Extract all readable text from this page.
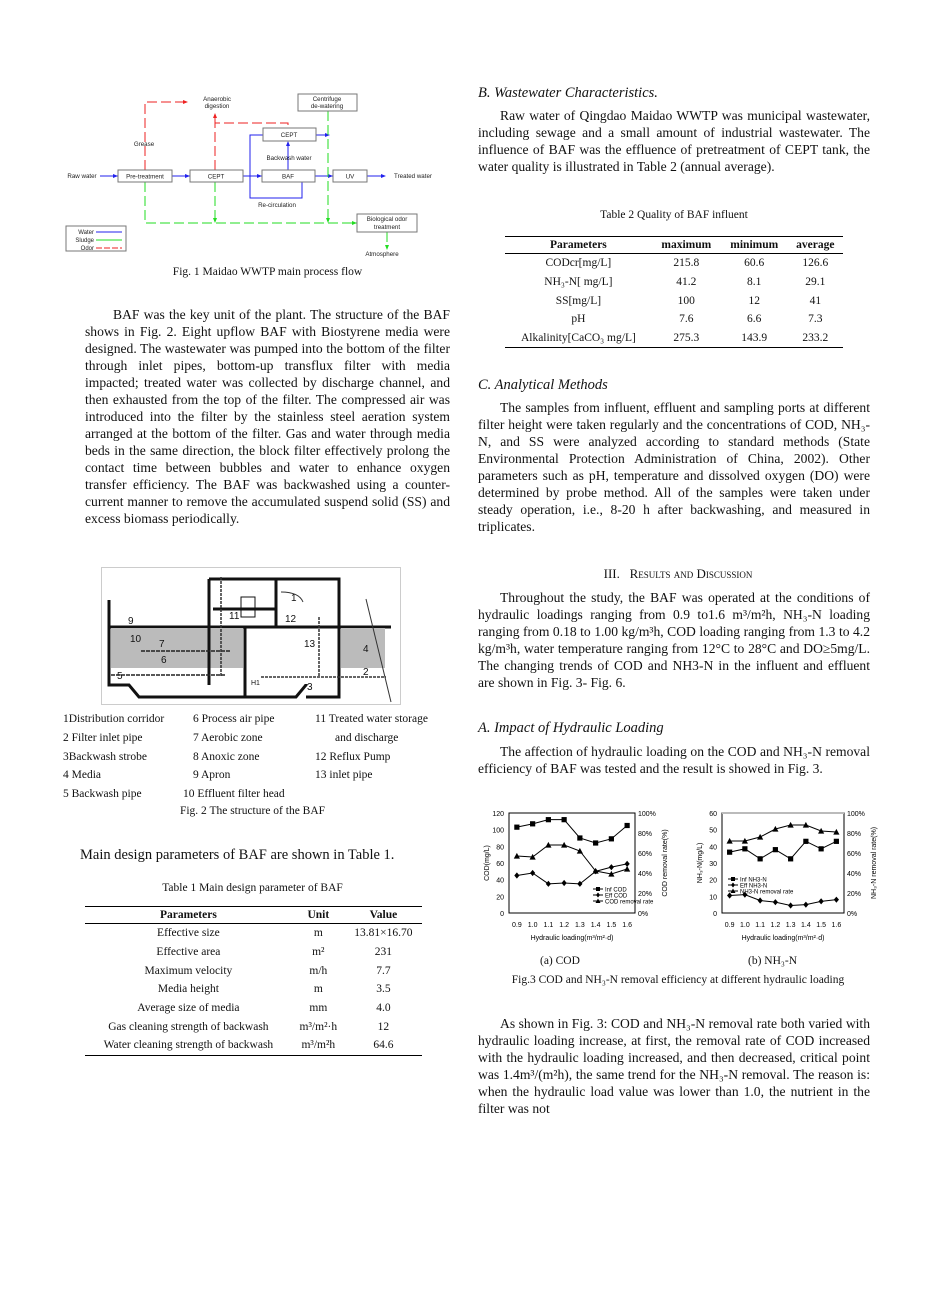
Raw water	Pre-treatment	CEPT	BAF	UV	Treated water
CEPT
Centrifuge
de-watering
Biological odor
treatment
Atmosphere
Anaerobic
digestion
Grease
Backwash water
Re-circulation
Water
Sludge
Odor
Fig. 1 Maidao WWTP main process flow

BAF was the key unit of the plant. The structure of the BAF shows in Fig. 2. Eight upflow BAF with Biostyrene media were designed. The wastewater was pumped into the bottom of the filter through inlet pipes, bottom-up transflux filter with media impacted; treated water was collected by discharge channel, and then exhausted from the top of the filter. The compressed air was introduced into the filter by the stainless steel aeration system arranged at the bottom of the filter. Gas and water through media beds in the same direction, the block filter effectively prolong the contact time between bubbles and water to enhance oxygen transfer efficiency. The BAF was backwashed using a counter-current manner to remove the accumulated suspend solid (SS) and excess biomass periodically.

1
2
3
4
5
6
7
9
10
11	12
13
H1
1Distribution corridor	6 Process air pipe	11 Treated water storage
2 Filter inlet pipe	7 Aerobic zone	and discharge
3Backwash strobe	8 Anoxic zone	12 Reflux Pump
4 Media	9 Apron	13 inlet pipe
5 Backwash pipe	10 Effluent filter head
Fig. 2 The structure of the BAF
Main design parameters of BAF are shown in Table 1.
Table 1 Main design parameter of BAF
Parameters	Unit	Value
Effective size	m	13.81×16.70
Effective area	m²	231
Maximum velocity	m/h	7.7
Media height	m	3.5
Average size of media	mm	4.0
Gas cleaning strength of backwash	m³/m²·h	12
Water cleaning strength of backwash	m³/m²h	64.6
B. Wastewater Characteristics.

Raw water of Qingdao Maidao WWTP was municipal wastewater, including sewage and a small amount of industrial wastewater. The influence of BAF was the effluence of pretreatment of CEPT tank, the water quality is illustrated in Table 2 (annual average).

Table 2 Quality of BAF influent
Parameters	maximum	minimum	average
CODcr[mg/L]	215.8	60.6	126.6
NH₃-N[ mg/L]	41.2	8.1	29.1
SS[mg/L]	100	12	41
pH	7.6	6.6	7.3
Alkalinity[CaCO₃ mg/L]	275.3	143.9	233.2
C. Analytical Methods

The samples from influent, effluent and sampling ports at different filter height were taken regularly and the concentrations of COD, NH₃-N, and SS were analyzed according to standard methods (State Environmental Protection Administration of China, 2002). Other parameters such as pH, temperature and dissolved oxygen (DO) were determined by probe method. All of the samples were taken under steady operation, i.e., 8-20 h after backwashing, and measured in triplicates.

III. Results and Discussion

Throughout the study, the BAF was operated at the conditions of hydraulic loadings ranging from 0.9 to1.6 m³/m²h, NH₃-N loading ranging from 0.18 to 1.00 kg/m³h, COD loading ranging from 1.3 to 4.2 kg/m³h, water temperature ranging from 12°C to 28°C and DO≥5mg/L. The changing trends of COD and NH3-N in the influent and effluent are shown in Fig. 3- Fig. 6.

A. Impact of Hydraulic Loading

The affection of hydraulic loading on the COD and NH₃-N removal efficiency of BAF was tested and the result is showed in Fig. 3.

0
20
40
60
80
100
120
0%
20%
40%
60%
80%
100%
0.9 1.0 1.1 1.2 1.3 1.4 1.5 1.6
Hydraulic loading(m³/m²·d)
COD(mg/L)	COD removal rate(%)
Inf COD
Eff COD
COD removal rate
0
10
20
30
40
50
60
0%
20%
40%
60%
80%
100%
0.9 1.0 1.1 1.2 1.3 1.4 1.5 1.6
Hydraulic loading(m³/m²·d)
NH₃-N(mg/L)	NH₃-N removal rate(%)
Inf NH3-N
Eff NH3-N
NH3-N removal rate
(a) COD	(b) NH₃-N
Fig.3 COD and NH₃-N removal efficiency at different hydraulic loading

As shown in Fig. 3: COD and NH₃-N removal rate both varied with hydraulic loading increase, at first, the removal rate of COD increased with the hydraulic loading increased, and then decreased, critical point was 1.4m³/(m²h), the same trend for the NH₃-N removal. The reason is: when the hydraulic load value was lower than 1.0, the nutrient in the filter was not
